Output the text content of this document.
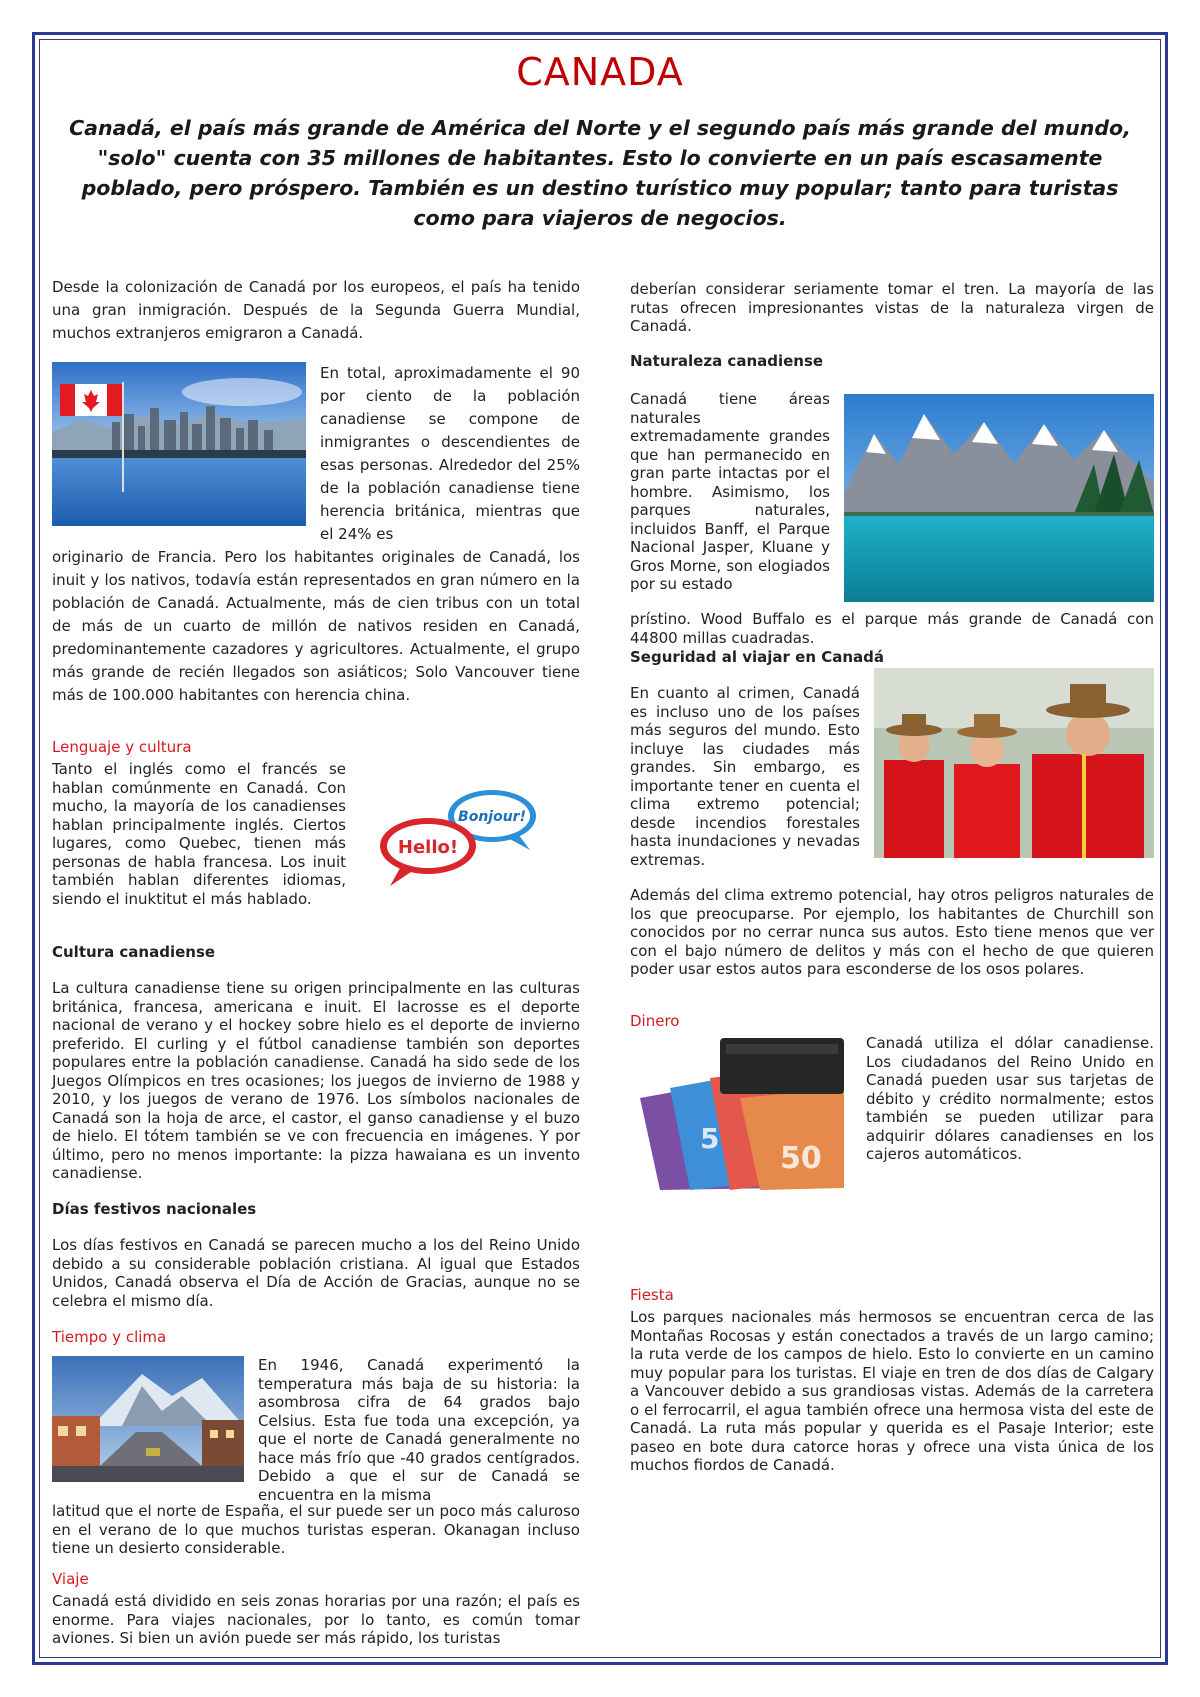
CANADA
Canadá, el país más grande de América del Norte y el segundo país más grande del mundo, "solo" cuenta con 35 millones de habitantes. Esto lo convierte en un país escasamente poblado, pero próspero. También es un destino turístico muy popular; tanto para turistas como para viajeros de negocios.

Desde la colonización de Canadá por los europeos, el país ha tenido una gran inmigración. Después de la Segunda Guerra Mundial, muchos extranjeros emigraron a Canadá.

En total, aproximadamente el 90 por ciento de la población canadiense se compone de inmigrantes o descendientes de esas personas. Alrededor del 25% de la población canadiense tiene herencia británica, mientras que el 24% es

originario de Francia. Pero los habitantes originales de Canadá, los inuit y los nativos, todavía están representados en gran número en la población de Canadá. Actualmente, más de cien tribus con un total de más de un cuarto de millón de nativos residen en Canadá, predominantemente cazadores y agricultores. Actualmente, el grupo más grande de recién llegados son asiáticos; Solo Vancouver tiene más de 100.000 habitantes con herencia china.

Lenguaje y cultura

Tanto el inglés como el francés se hablan comúnmente en Canadá. Con mucho, la mayoría de los canadienses hablan principalmente inglés. Ciertos lugares, como Quebec, tienen más personas de habla francesa. Los inuit también hablan diferentes idiomas, siendo el inuktitut el más hablado.

Bonjour!
Hello!

Cultura canadiense

La cultura canadiense tiene su origen principalmente en las culturas británica, francesa, americana e inuit. El lacrosse es el deporte nacional de verano y el hockey sobre hielo es el deporte de invierno preferido. El curling y el fútbol canadiense también son deportes populares entre la población canadiense. Canadá ha sido sede de los Juegos Olímpicos en tres ocasiones; los juegos de invierno de 1988 y 2010, y los juegos de verano de 1976. Los símbolos nacionales de Canadá son la hoja de arce, el castor, el ganso canadiense y el buzo de hielo. El tótem también se ve con frecuencia en imágenes. Y por último, pero no menos importante: la pizza hawaiana es un invento canadiense.

Días festivos nacionales

Los días festivos en Canadá se parecen mucho a los del Reino Unido debido a su considerable población cristiana. Al igual que Estados Unidos, Canadá observa el Día de Acción de Gracias, aunque no se celebra el mismo día.

Tiempo y clima

En 1946, Canadá experimentó la temperatura más baja de su historia: la asombrosa cifra de 64 grados bajo Celsius. Esta fue toda una excepción, ya que el norte de Canadá generalmente no hace más frío que -40 grados centígrados. Debido a que el sur de Canadá se encuentra en la misma

latitud que el norte de España, el sur puede ser un poco más caluroso en el verano de lo que muchos turistas esperan. Okanagan incluso tiene un desierto considerable.

Viaje

Canadá está dividido en seis zonas horarias por una razón; el país es enorme. Para viajes nacionales, por lo tanto, es común tomar aviones. Si bien un avión puede ser más rápido, los turistas

deberían considerar seriamente tomar el tren. La mayoría de las rutas ofrecen impresionantes vistas de la naturaleza virgen de Canadá.

Naturaleza canadiense

Canadá tiene áreas naturales extremadamente grandes que han permanecido en gran parte intactas por el hombre. Asimismo, los parques naturales, incluidos Banff, el Parque Nacional Jasper, Kluane y Gros Morne, son elogiados por su estado

prístino. Wood Buffalo es el parque más grande de Canadá con 44800 millas cuadradas.

Seguridad al viajar en Canadá

En cuanto al crimen, Canadá es incluso uno de los países más seguros del mundo. Esto incluye las ciudades más grandes. Sin embargo, es importante tener en cuenta el clima extremo potencial; desde incendios forestales hasta inundaciones y nevadas extremas.

Además del clima extremo potencial, hay otros peligros naturales de los que preocuparse. Por ejemplo, los habitantes de Churchill son conocidos por no cerrar nunca sus autos. Esto tiene menos que ver con el bajo número de delitos y más con el hecho de que quieren poder usar estos autos para esconderse de los osos polares.

Dinero

5
50

Canadá utiliza el dólar canadiense. Los ciudadanos del Reino Unido en Canadá pueden usar sus tarjetas de débito y crédito normalmente; estos también se pueden utilizar para adquirir dólares canadienses en los cajeros automáticos.

Fiesta

Los parques nacionales más hermosos se encuentran cerca de las Montañas Rocosas y están conectados a través de un largo camino; la ruta verde de los campos de hielo. Esto lo convierte en un camino muy popular para los turistas. El viaje en tren de dos días de Calgary a Vancouver debido a sus grandiosas vistas. Además de la carretera o el ferrocarril, el agua también ofrece una hermosa vista del este de Canadá. La ruta más popular y querida es el Pasaje Interior; este paseo en bote dura catorce horas y ofrece una vista única de los muchos fiordos de Canadá.
